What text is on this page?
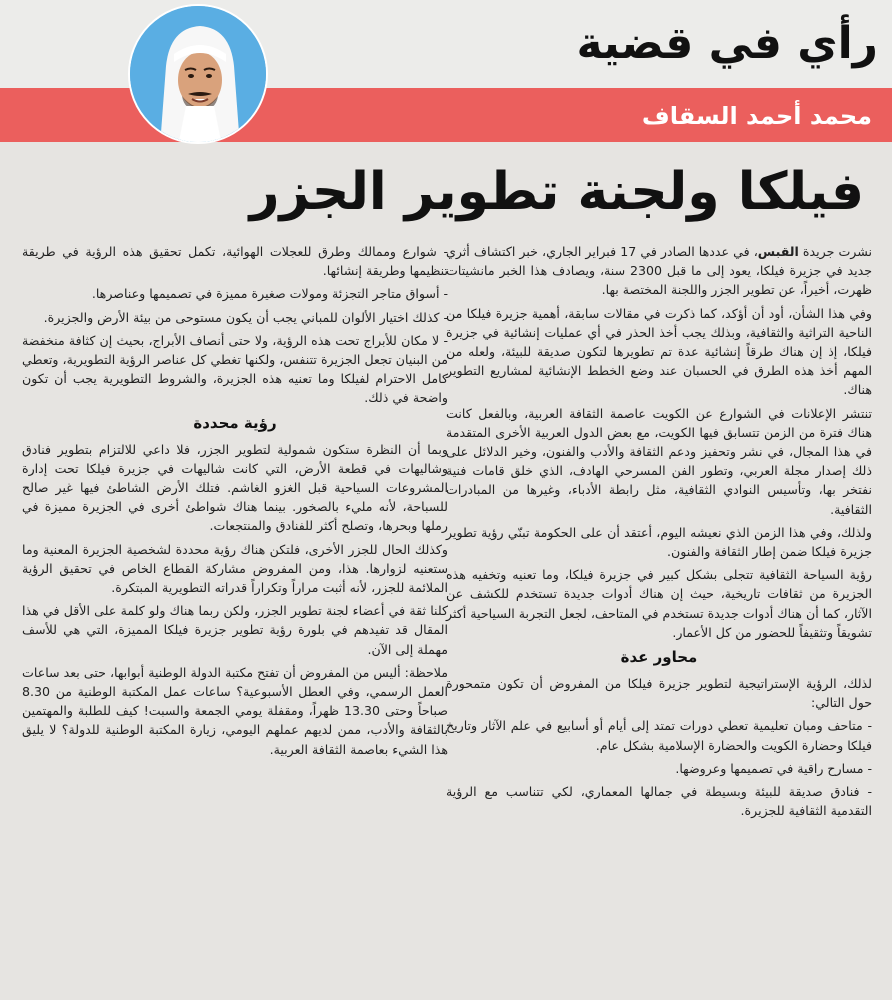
رأي في قضية
محمد أحمد السقاف
فيلكا ولجنة تطوير الجزر

نشرت جريدة القبس، في عددها الصادر في 17 فبراير الجاري، خبر اكتشاف أثري جديد في جزيرة فيلكا، يعود إلى ما قبل 2300 سنة، ويصادف هذا الخبر مانشيتات ظهرت، أخيراً، عن تطوير الجزر واللجنة المختصة بها.

وفي هذا الشأن، أود أن أؤكد، كما ذكرت في مقالات سابقة، أهمية جزيرة فيلكا من الناحية التراثية والثقافية، وبذلك يجب أخذ الحذر في أي عمليات إنشائية في جزيرة فيلكا، إذ إن هناك طرقاً إنشائية عدة تم تطويرها لتكون صديقة للبيئة، ولعله من المهم أخذ هذه الطرق في الحسبان عند وضع الخطط الإنشائية لمشاريع التطوير هناك.

تنتشر الإعلانات في الشوارع عن الكويت عاصمة الثقافة العربية، وبالفعل كانت هناك فترة من الزمن تتسابق فيها الكويت، مع بعض الدول العربية الأخرى المتقدمة في هذا المجال، في نشر وتحفيز ودعم الثقافة والأدب والفنون، وخير الدلائل على ذلك إصدار مجلة العربي، وتطور الفن المسرحي الهادف، الذي خلق قامات فنية نفتخر بها، وتأسيس النوادي الثقافية، مثل رابطة الأدباء، وغيرها من المبادرات الثقافية.

ولذلك، وفي هذا الزمن الذي نعيشه اليوم، أعتقد أن على الحكومة تبنّي رؤية تطوير جزيرة فيلكا ضمن إطار الثقافة والفنون.

رؤية السياحة الثقافية تتجلى بشكل كبير في جزيرة فيلكا، وما تعنيه وتخفيه هذه الجزيرة من ثقافات تاريخية، حيث إن هناك أدوات جديدة تستخدم للكشف عن الآثار، كما أن هناك أدوات جديدة تستخدم في المتاحف، لجعل التجربة السياحية أكثر تشويقاً وتثقيفاً للحضور من كل الأعمار.

محاور عدة

لذلك، الرؤية الإستراتيجية لتطوير جزيرة فيلكا من المفروض أن تكون متمحورة حول التالي:

- متاحف ومبان تعليمية تعطي دورات تمتد إلى أيام أو أسابيع في علم الآثار وتاريخ فيلكا وحضارة الكويت والحضارة الإسلامية بشكل عام.

- مسارح راقية في تصميمها وعروضها.

- فنادق صديقة للبيئة وبسيطة في جمالها المعماري، لكي تتناسب مع الرؤية التقدمية الثقافية للجزيرة.

- شوارع وممالك وطرق للعجلات الهوائية، تكمل تحقيق هذه الرؤية في طريقة تنظيمها وطريقة إنشائها.

- أسواق متاجر التجزئة ومولات صغيرة مميزة في تصميمها وعناصرها.

- كذلك اختيار الألوان للمباني يجب أن يكون مستوحى من بيئة الأرض والجزيرة.

- لا مكان للأبراج تحت هذه الرؤية، ولا حتى أنصاف الأبراج، بحيث إن كثافة منخفضة من البنيان تجعل الجزيرة تتنفس، ولكنها تغطي كل عناصر الرؤية التطويرية، وتعطي كامل الاحترام لفيلكا وما تعنيه هذه الجزيرة، والشروط التطويرية يجب أن تكون واضحة في ذلك.

رؤية محددة

وبما أن النظرة ستكون شمولية لتطوير الجزر، فلا داعي للالتزام بتطوير فنادق وشاليهات في قطعة الأرض، التي كانت شاليهات في جزيرة فيلكا تحت إدارة المشروعات السياحية قبل الغزو الغاشم. فتلك الأرض الشاطئ فيها غير صالح للسباحة، لأنه مليء بالصخور. بينما هناك شواطئ أخرى في الجزيرة مميزة في رملها وبحرها، وتصلح أكثر للفنادق والمنتجعات.

وكذلك الحال للجزر الأخرى، فلتكن هناك رؤية محددة لشخصية الجزيرة المعنية وما ستعنيه لزوارها. هذا، ومن المفروض مشاركة القطاع الخاص في تحقيق الرؤية الملائمة للجزر، لأنه أثبت مراراً وتكراراً قدراته التطويرية المبتكرة.

كلنا ثقة في أعضاء لجنة تطوير الجزر، ولكن ربما هناك ولو كلمة على الأقل في هذا المقال قد تفيدهم في بلورة رؤية تطوير جزيرة فيلكا المميزة، التي هي للأسف مهملة إلى الآن.

ملاحظة: أليس من المفروض أن تفتح مكتبة الدولة الوطنية أبوابها، حتى بعد ساعات العمل الرسمي، وفي العطل الأسبوعية؟ ساعات عمل المكتبة الوطنية من 8.30 صباحاً وحتى 13.30 ظهراً، ومقفلة يومي الجمعة والسبت! كيف للطلبة والمهتمين بالثقافة والأدب، ممن لديهم عملهم اليومي، زيارة المكتبة الوطنية للدولة؟ لا يليق هذا الشيء بعاصمة الثقافة العربية.
